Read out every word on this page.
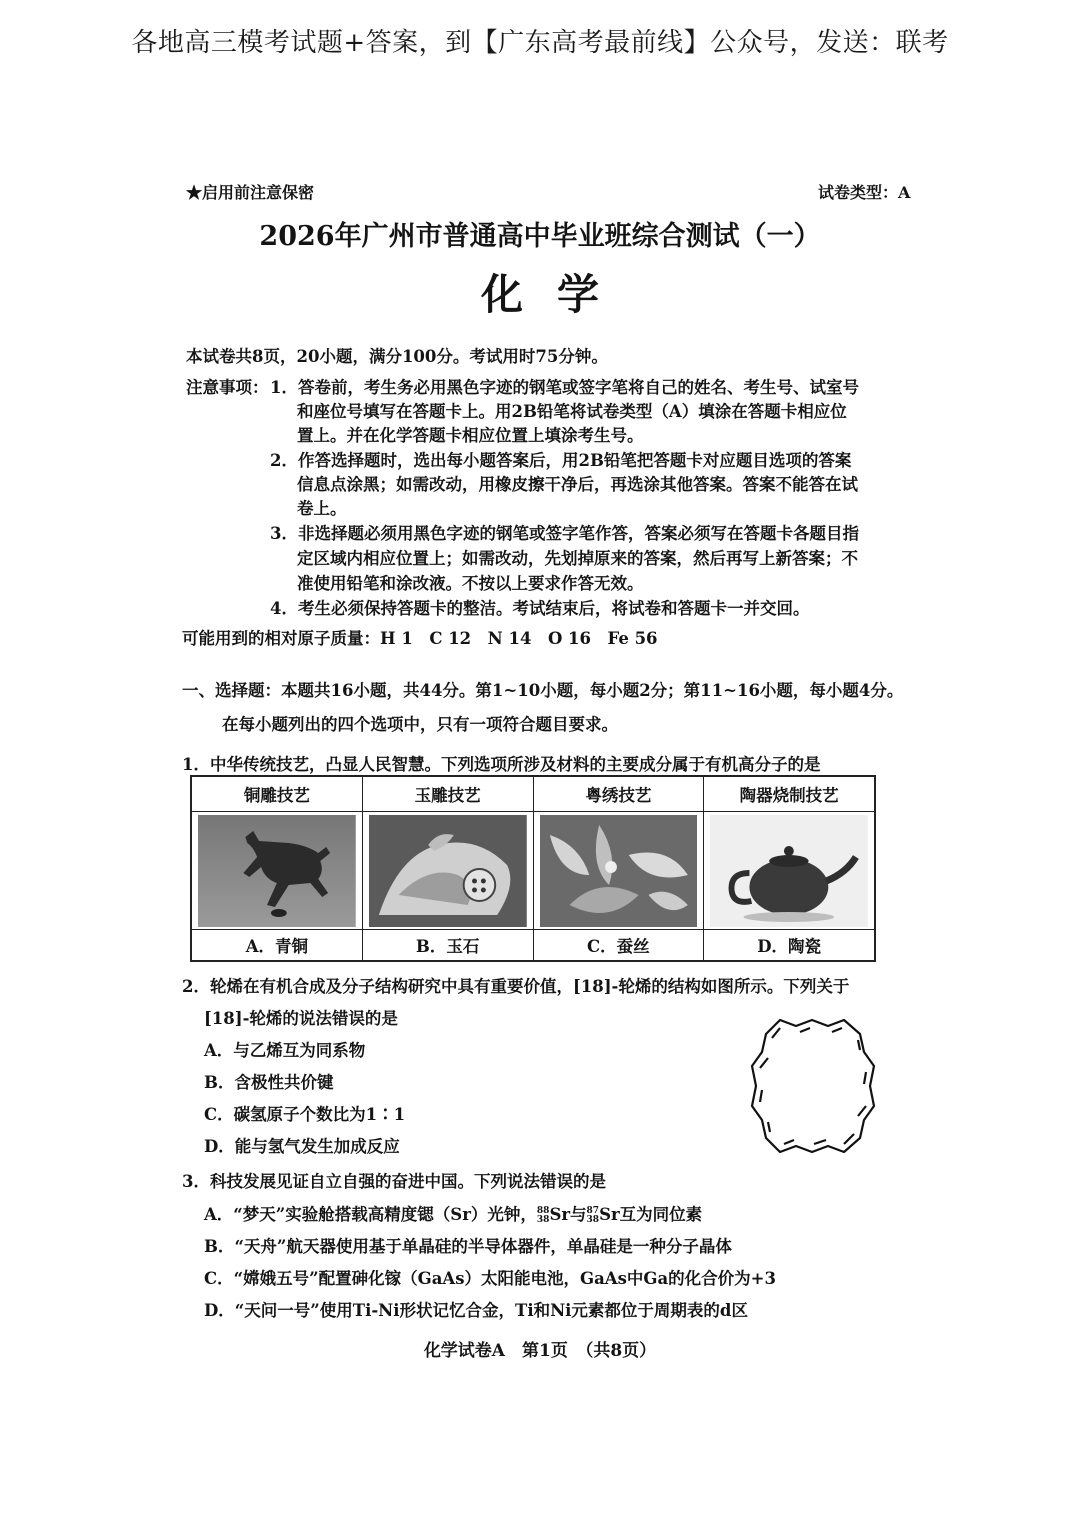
各地高三模考试题+答案，到【广东高考最前线】公众号，发送：联考
★启用前注意保密	试卷类型：A
2026年广州市普通高中毕业班综合测试（一）
化学
本试卷共8页，20小题，满分100分。考试用时75分钟。
注意事项： 1．答卷前，考生务必用黑色字迹的钢笔或签字笔将自己的姓名、考生号、试室号
和座位号填写在答题卡上。用2B铅笔将试卷类型（A）填涂在答题卡相应位
置上。并在化学答题卡相应位置上填涂考生号。
2．作答选择题时，选出每小题答案后，用2B铅笔把答题卡对应题目选项的答案
信息点涂黑；如需改动，用橡皮擦干净后，再选涂其他答案。答案不能答在试
卷上。
3．非选择题必须用黑色字迹的钢笔或签字笔作答，答案必须写在答题卡各题目指
定区域内相应位置上；如需改动，先划掉原来的答案，然后再写上新答案；不
准使用铅笔和涂改液。不按以上要求作答无效。
4．考生必须保持答题卡的整洁。考试结束后，将试卷和答题卡一并交回。
可能用到的相对原子质量：H 1　C 12　N 14　O 16　Fe 56
一、选择题：本题共16小题，共44分。第1~10小题，每小题2分；第11~16小题，每小题4分。
在每小题列出的四个选项中，只有一项符合题目要求。
1．中华传统技艺，凸显人民智慧。下列选项所涉及材料的主要成分属于有机高分子的是
铜雕技艺
A．青铜
玉雕技艺
B．玉石
粤绣技艺
C．蚕丝
陶器烧制技艺
D．陶瓷
2．轮烯在有机合成及分子结构研究中具有重要价值，[18]-轮烯的结构如图所示。下列关于
[18]-轮烯的说法错误的是
A．与乙烯互为同系物
B．含极性共价键
C．碳氢原子个数比为1∶1
D．能与氢气发生加成反应
3．科技发展见证自立自强的奋进中国。下列说法错误的是
A．“梦天”实验舱搭载高精度锶（Sr）光钟， 88
38 Sr与 87
38 Sr互为同位素
B．“天舟”航天器使用基于单晶硅的半导体器件，单晶硅是一种分子晶体
C．“嫦娥五号”配置砷化镓（GaAs）太阳能电池，GaAs中Ga的化合价为+3
D．“天问一号”使用Ti-Ni形状记忆合金，Ti和Ni元素都位于周期表的d区
化学试卷A　第1页　（共8页）
